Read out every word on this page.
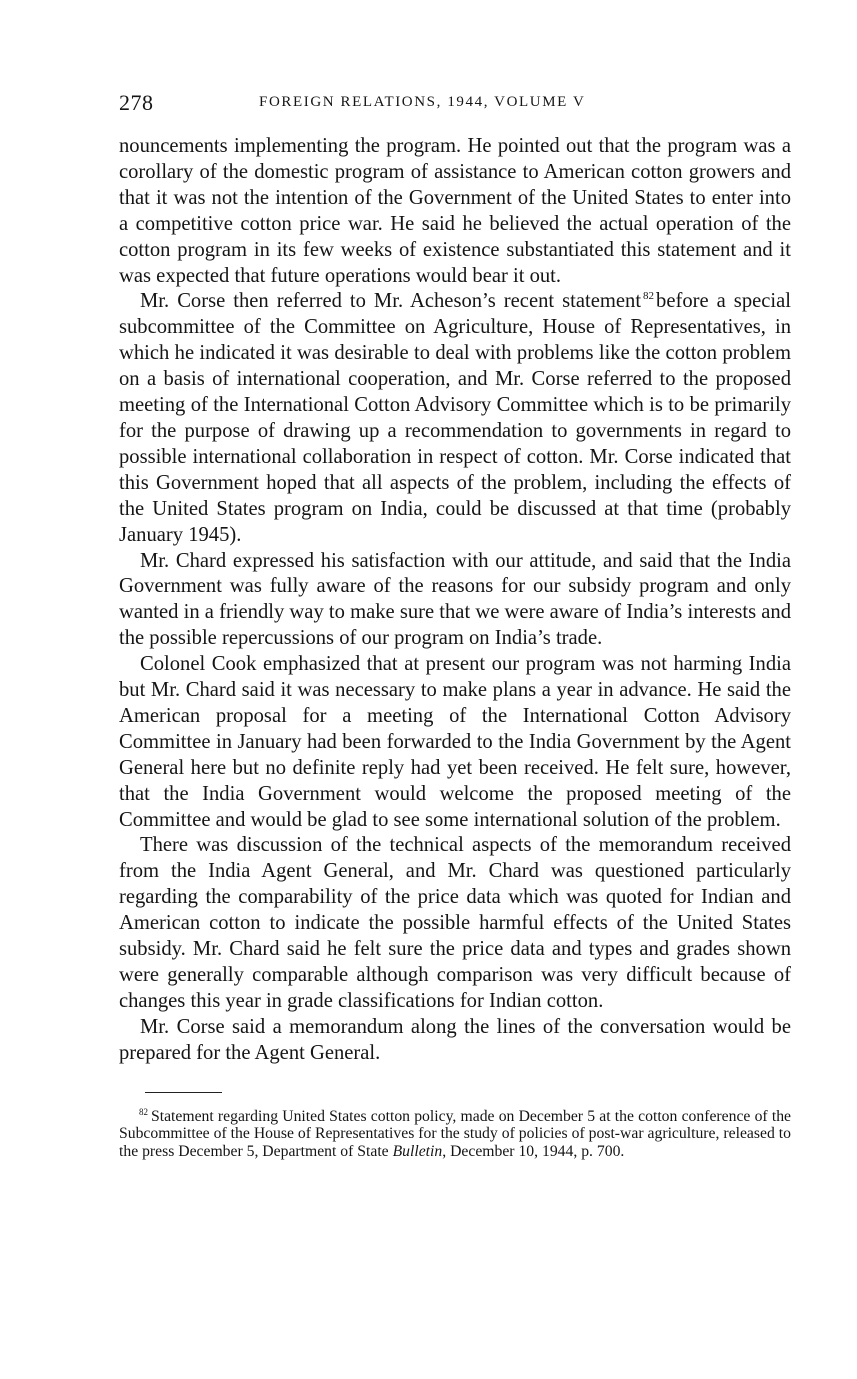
278	FOREIGN RELATIONS, 1944, VOLUME V

nouncements implementing the program. He pointed out that the program was a corollary of the domestic program of assistance to American cotton growers and that it was not the intention of the Government of the United States to enter into a competitive cotton price war. He said he believed the actual operation of the cotton program in its few weeks of existence substantiated this statement and it was expected that future operations would bear it out.

Mr. Corse then referred to Mr. Acheson’s recent statement $^{82}$before a special subcommittee of the Committee on Agriculture, House of Representatives, in which he indicated it was desirable to deal with problems like the cotton problem on a basis of international cooperation, and Mr. Corse referred to the proposed meeting of the International Cotton Advisory Committee which is to be primarily for the purpose of drawing up a recommendation to governments in regard to possible international collaboration in respect of cotton. Mr. Corse indicated that this Government hoped that all aspects of the problem, including the effects of the United States program on India, could be discussed at that time (probably January 1945).

Mr. Chard expressed his satisfaction with our attitude, and said that the India Government was fully aware of the reasons for our subsidy program and only wanted in a friendly way to make sure that we were aware of India’s interests and the possible repercussions of our program on India’s trade.

Colonel Cook emphasized that at present our program was not harming India but Mr. Chard said it was necessary to make plans a year in advance. He said the American proposal for a meeting of the International Cotton Advisory Committee in January had been forwarded to the India Government by the Agent General here but no definite reply had yet been received. He felt sure, however, that the India Government would welcome the proposed meeting of the Committee and would be glad to see some international solution of the problem.

There was discussion of the technical aspects of the memorandum received from the India Agent General, and Mr. Chard was questioned particularly regarding the comparability of the price data which was quoted for Indian and American cotton to indicate the possible harmful effects of the United States subsidy. Mr. Chard said he felt sure the price data and types and grades shown were generally comparable although comparison was very difficult because of changes this year in grade classifications for Indian cotton.

Mr. Corse said a memorandum along the lines of the conversation would be prepared for the Agent General.

$^{82}$ Statement regarding United States cotton policy, made on December 5 at the cotton conference of the Subcommittee of the House of Representatives for the study of policies of post-war agriculture, released to the press December 5, Department of State Bulletin, December 10, 1944, p. 700.
